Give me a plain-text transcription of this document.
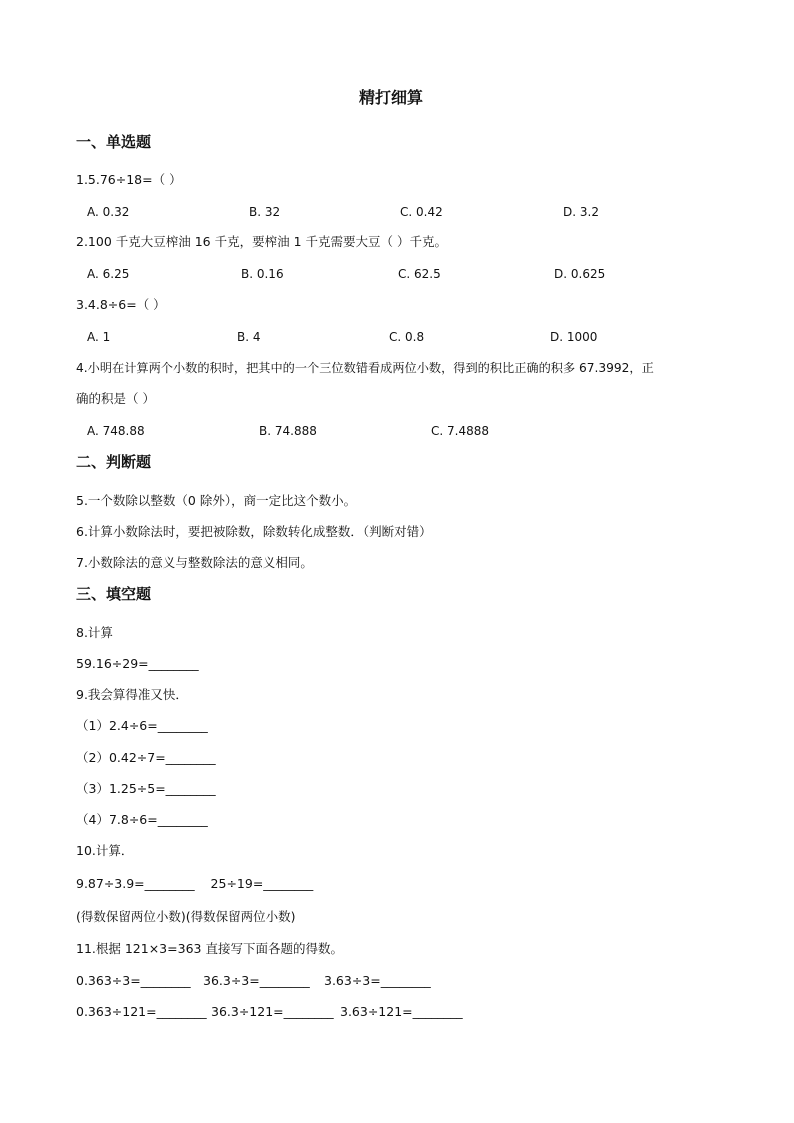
精打细算
一、单选题
1.5.76÷18=（ ）
A. 0.32	B. 32	C. 0.42	D. 3.2
2.100 千克大豆榨油 16 千克，要榨油 1 千克需要大豆（ ）千克。
A. 6.25	B. 0.16	C. 62.5	D. 0.625
3.4.8÷6=（ ）
A. 1	B. 4	C. 0.8	D. 1000
4.小明在计算两个小数的积时，把其中的一个三位数错看成两位小数，得到的积比正确的积多 67.3992，正
确的积是（ ）
A. 748.88	B. 74.888	C. 7.4888
二、判断题
5.一个数除以整数（0 除外），商一定比这个数小。
6.计算小数除法时，要把被除数，除数转化成整数．（判断对错）
7.小数除法的意义与整数除法的意义相同。
三、填空题
8.计算
59.16÷29=________
9.我会算得准又快．
（1）2.4÷6=________
（2）0.42÷7=________
（3）1.25÷5=________
（4）7.8÷6=________
10.计算．
9.87÷3.9=________    25÷19=________
(得数保留两位小数)(得数保留两位小数)
11.根据 121×3=363 直接写下面各题的得数。
0.363÷3=________ 36.3÷3=________ 3.63÷3=________
0.363÷121=________ 36.3÷121=________ 3.63÷121=________
